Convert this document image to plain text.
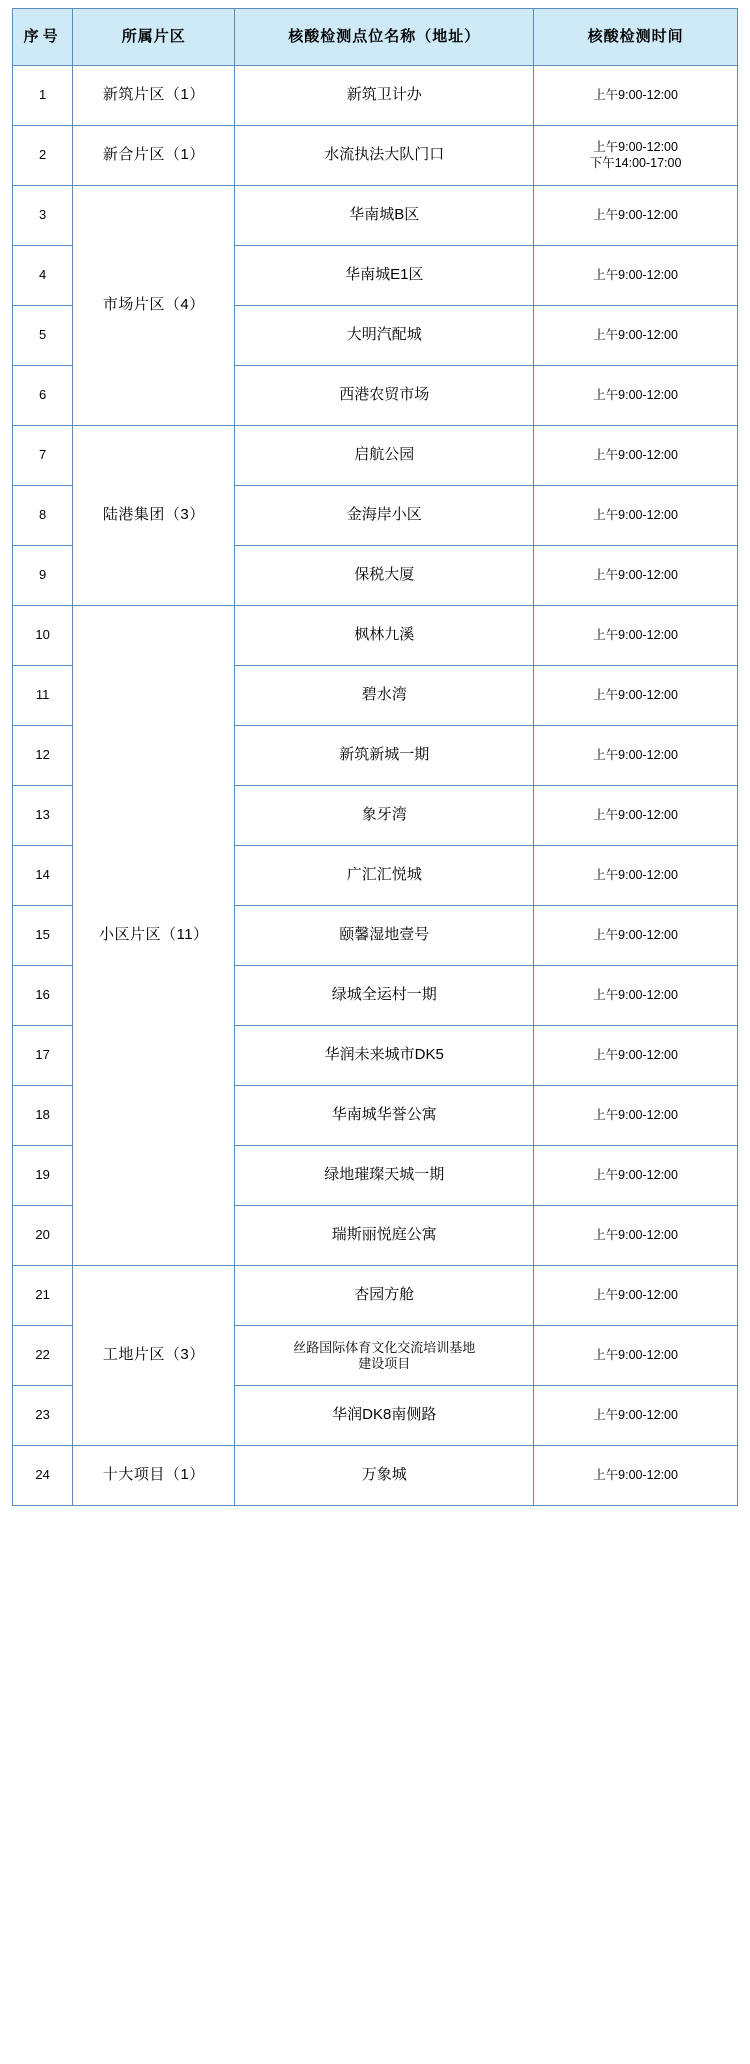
序号	所属片区	核酸检测点位名称（地址）	核酸检测时间
1	新筑片区（1）	新筑卫计办	上午9:00-12:00
2	新合片区（1）	水流执法大队门口	上午9:00-12:00
下午14:00-17:00
3	市场片区（4）	华南城B区	上午9:00-12:00
4		华南城E1区	上午9:00-12:00
5		大明汽配城	上午9:00-12:00
6		西港农贸市场	上午9:00-12:00
7	陆港集团（3）	启航公园	上午9:00-12:00
8		金海岸小区	上午9:00-12:00
9		保税大厦	上午9:00-12:00
10	小区片区（11）	枫林九溪	上午9:00-12:00
11		碧水湾	上午9:00-12:00
12		新筑新城一期	上午9:00-12:00
13		象牙湾	上午9:00-12:00
14		广汇汇悦城	上午9:00-12:00
15		颐馨湿地壹号	上午9:00-12:00
16		绿城全运村一期	上午9:00-12:00
17		华润未来城市DK5	上午9:00-12:00
18		华南城华誉公寓	上午9:00-12:00
19		绿地璀璨天城一期	上午9:00-12:00
20		瑞斯丽悦庭公寓	上午9:00-12:00
21	工地片区（3）	杏园方舱	上午9:00-12:00
22		丝路国际体育文化交流培训基地
建设项目	上午9:00-12:00
23		华润DK8南侧路	上午9:00-12:00
24	十大项目（1）	万象城	上午9:00-12:00
